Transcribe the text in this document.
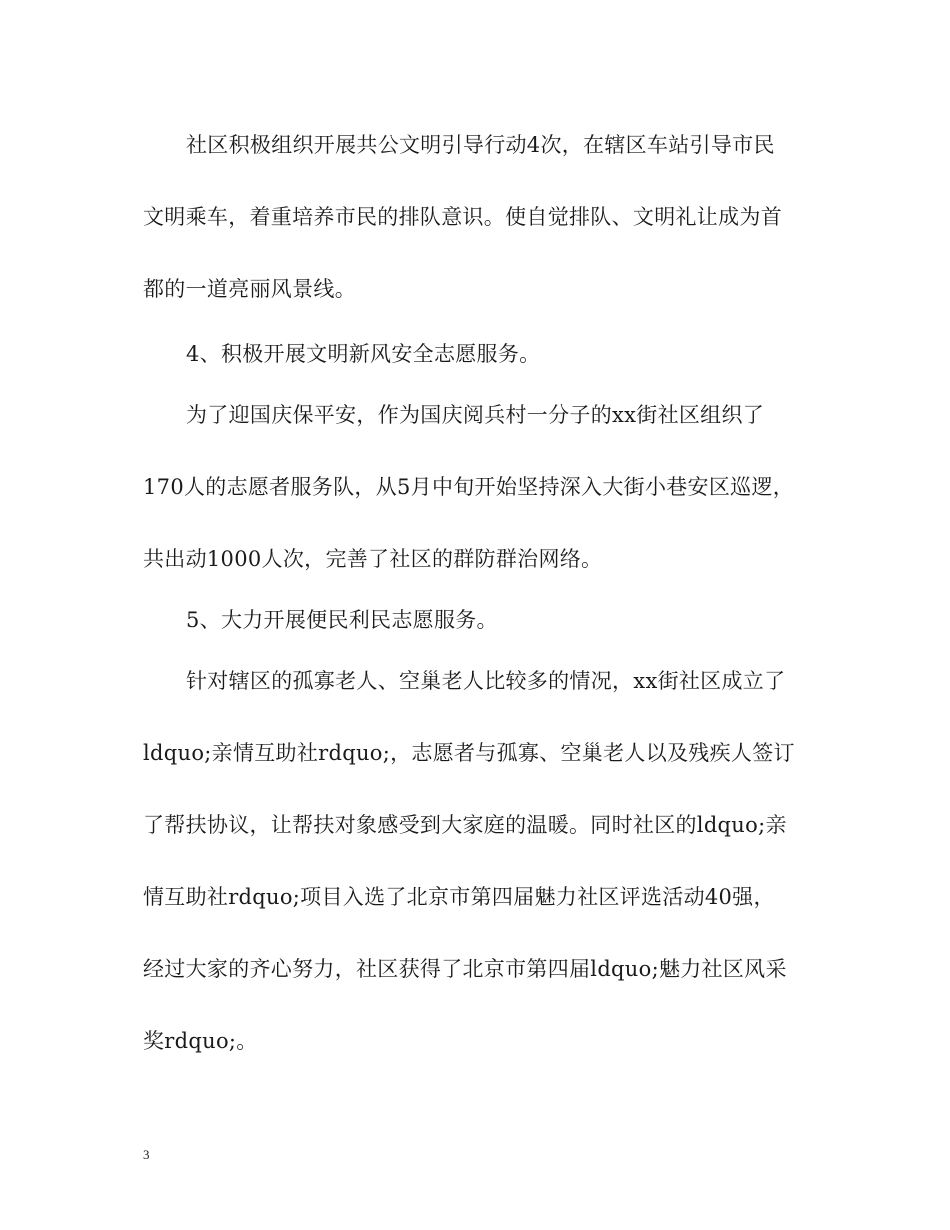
社区积极组织开展共公文明引导行动4次，在辖区车站引导市民
文明乘车，着重培养市民的排队意识。使自觉排队、文明礼让成为首
都的一道亮丽风景线。
4、积极开展文明新风安全志愿服务。
为了迎国庆保平安，作为国庆阅兵村一分子的xx街社区组织了
170人的志愿者服务队，从5月中旬开始坚持深入大街小巷安区巡逻，
共出动1000人次，完善了社区的群防群治网络。
5、大力开展便民利民志愿服务。
针对辖区的孤寡老人、空巢老人比较多的情况，xx街社区成立了
ldquo;亲情互助社rdquo;，志愿者与孤寡、空巢老人以及残疾人签订
了帮扶协议，让帮扶对象感受到大家庭的温暖。同时社区的ldquo;亲
情互助社rdquo;项目入选了北京市第四届魅力社区评选活动40强，
经过大家的齐心努力，社区获得了北京市第四届ldquo;魅力社区风采
奖rdquo;。
3
